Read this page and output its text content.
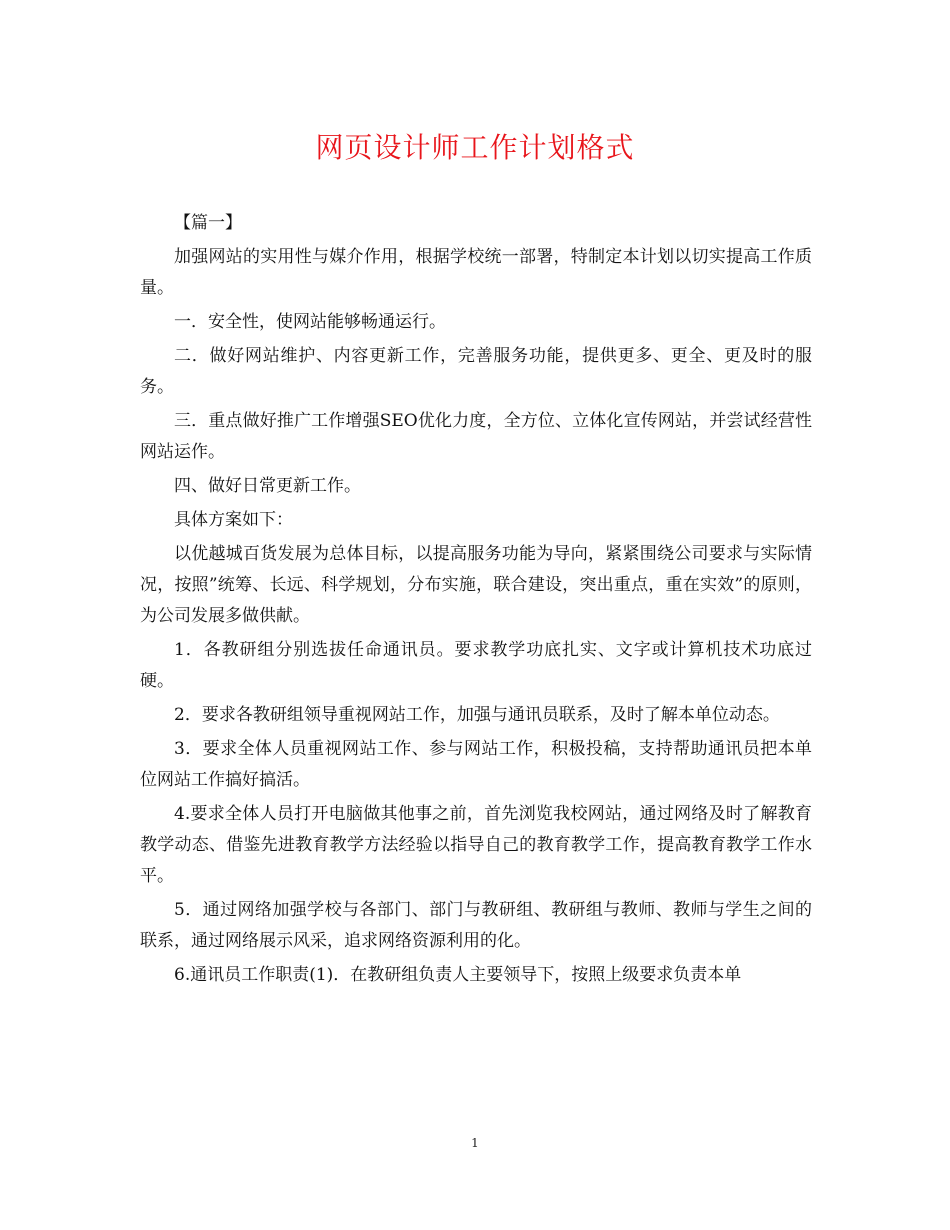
网页设计师工作计划格式

【篇一】

加强网站的实用性与媒介作用，根据学校统一部署，特制定本计划以切实提高工作质量。

一．安全性，使网站能够畅通运行。

二．做好网站维护、内容更新工作，完善服务功能，提供更多、更全、更及时的服务。

三．重点做好推广工作增强SEO优化力度，全方位、立体化宣传网站，并尝试经营性网站运作。

四、做好日常更新工作。

具体方案如下：

以优越城百货发展为总体目标，以提高服务功能为导向，紧紧围绕公司要求与实际情况，按照”统筹、长远、科学规划，分布实施，联合建设，突出重点，重在实效”的原则，为公司发展多做供献。

1．各教研组分别选拔任命通讯员。要求教学功底扎实、文字或计算机技术功底过硬。

2．要求各教研组领导重视网站工作，加强与通讯员联系，及时了解本单位动态。

3．要求全体人员重视网站工作、参与网站工作，积极投稿，支持帮助通讯员把本单位网站工作搞好搞活。

4.要求全体人员打开电脑做其他事之前，首先浏览我校网站，通过网络及时了解教育教学动态、借鉴先进教育教学方法经验以指导自己的教育教学工作，提高教育教学工作水平。

5．通过网络加强学校与各部门、部门与教研组、教研组与教师、教师与学生之间的联系，通过网络展示风采，追求网络资源利用的化。

6.通讯员工作职责(1)．在教研组负责人主要领导下，按照上级要求负责本单

1
